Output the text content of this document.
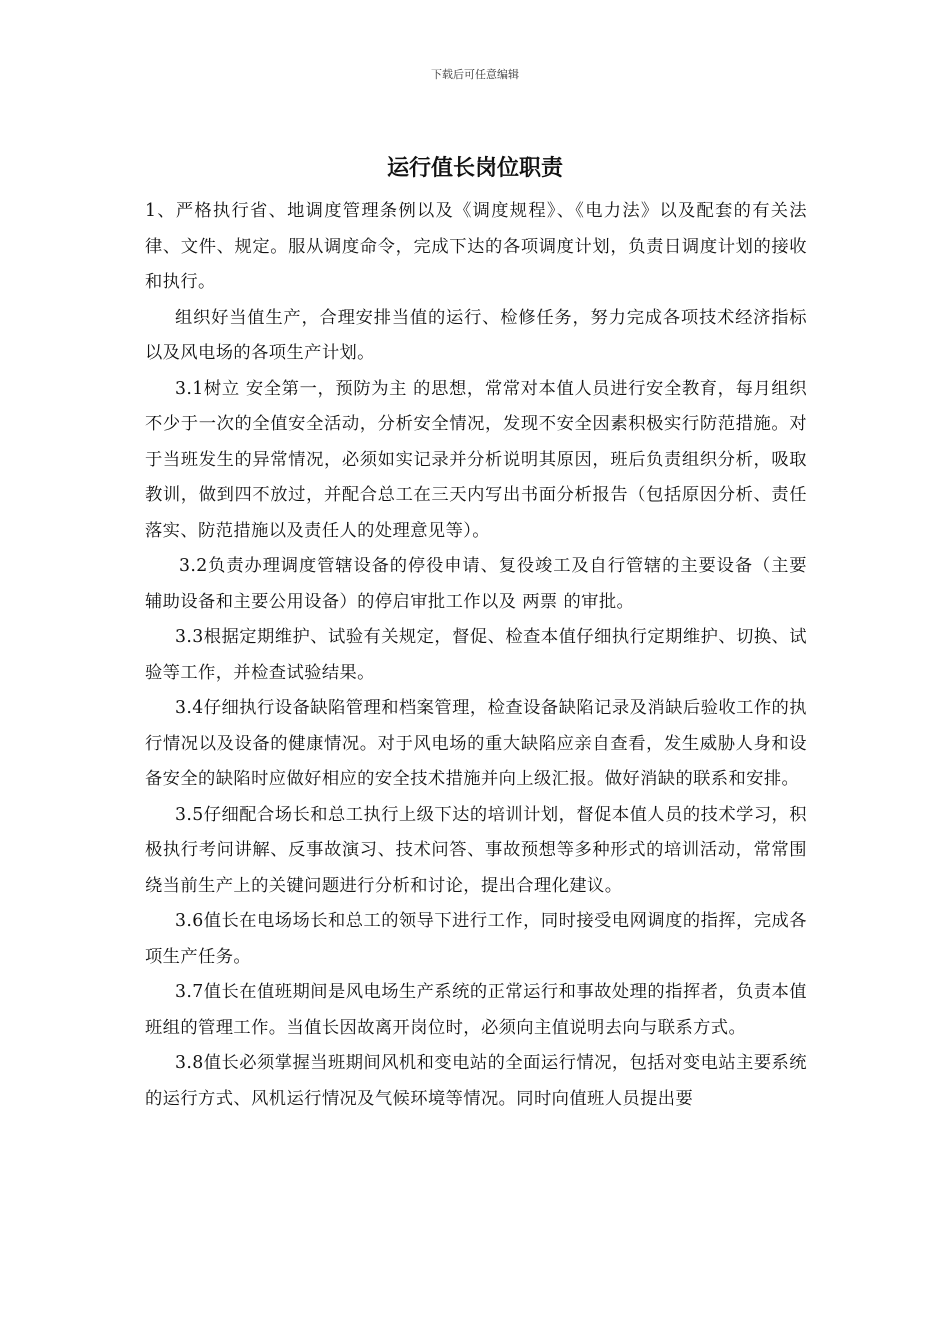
下载后可任意编辑
运行值长岗位职责

1、严格执行省、地调度管理条例以及《调度规程》、《电力法》以及配套的有关法律、文件、规定。服从调度命令，完成下达的各项调度计划，负责日调度计划的接收和执行。

组织好当值生产，合理安排当值的运行、检修任务，努力完成各项技术经济指标以及风电场的各项生产计划。

3.1树立 安全第一，预防为主 的思想，常常对本值人员进行安全教育，每月组织不少于一次的全值安全活动，分析安全情况，发现不安全因素积极实行防范措施。对于当班发生的异常情况，必须如实记录并分析说明其原因，班后负责组织分析，吸取教训，做到四不放过，并配合总工在三天内写出书面分析报告（包括原因分析、责任落实、防范措施以及责任人的处理意见等）。

3.2负责办理调度管辖设备的停役申请、复役竣工及自行管辖的主要设备（主要辅助设备和主要公用设备）的停启审批工作以及 两票 的审批。

3.3根据定期维护、试验有关规定，督促、检查本值仔细执行定期维护、切换、试验等工作，并检查试验结果。

3.4仔细执行设备缺陷管理和档案管理，检查设备缺陷记录及消缺后验收工作的执行情况以及设备的健康情况。对于风电场的重大缺陷应亲自查看，发生威胁人身和设备安全的缺陷时应做好相应的安全技术措施并向上级汇报。做好消缺的联系和安排。

3.5仔细配合场长和总工执行上级下达的培训计划，督促本值人员的技术学习，积极执行考问讲解、反事故演习、技术问答、事故预想等多种形式的培训活动，常常围绕当前生产上的关键问题进行分析和讨论，提出合理化建议。

3.6值长在电场场长和总工的领导下进行工作，同时接受电网调度的指挥，完成各项生产任务。

3.7值长在值班期间是风电场生产系统的正常运行和事故处理的指挥者，负责本值班组的管理工作。当值长因故离开岗位时，必须向主值说明去向与联系方式。

3.8值长必须掌握当班期间风机和变电站的全面运行情况，包括对变电站主要系统的运行方式、风机运行情况及气候环境等情况。同时向值班人员提出要
